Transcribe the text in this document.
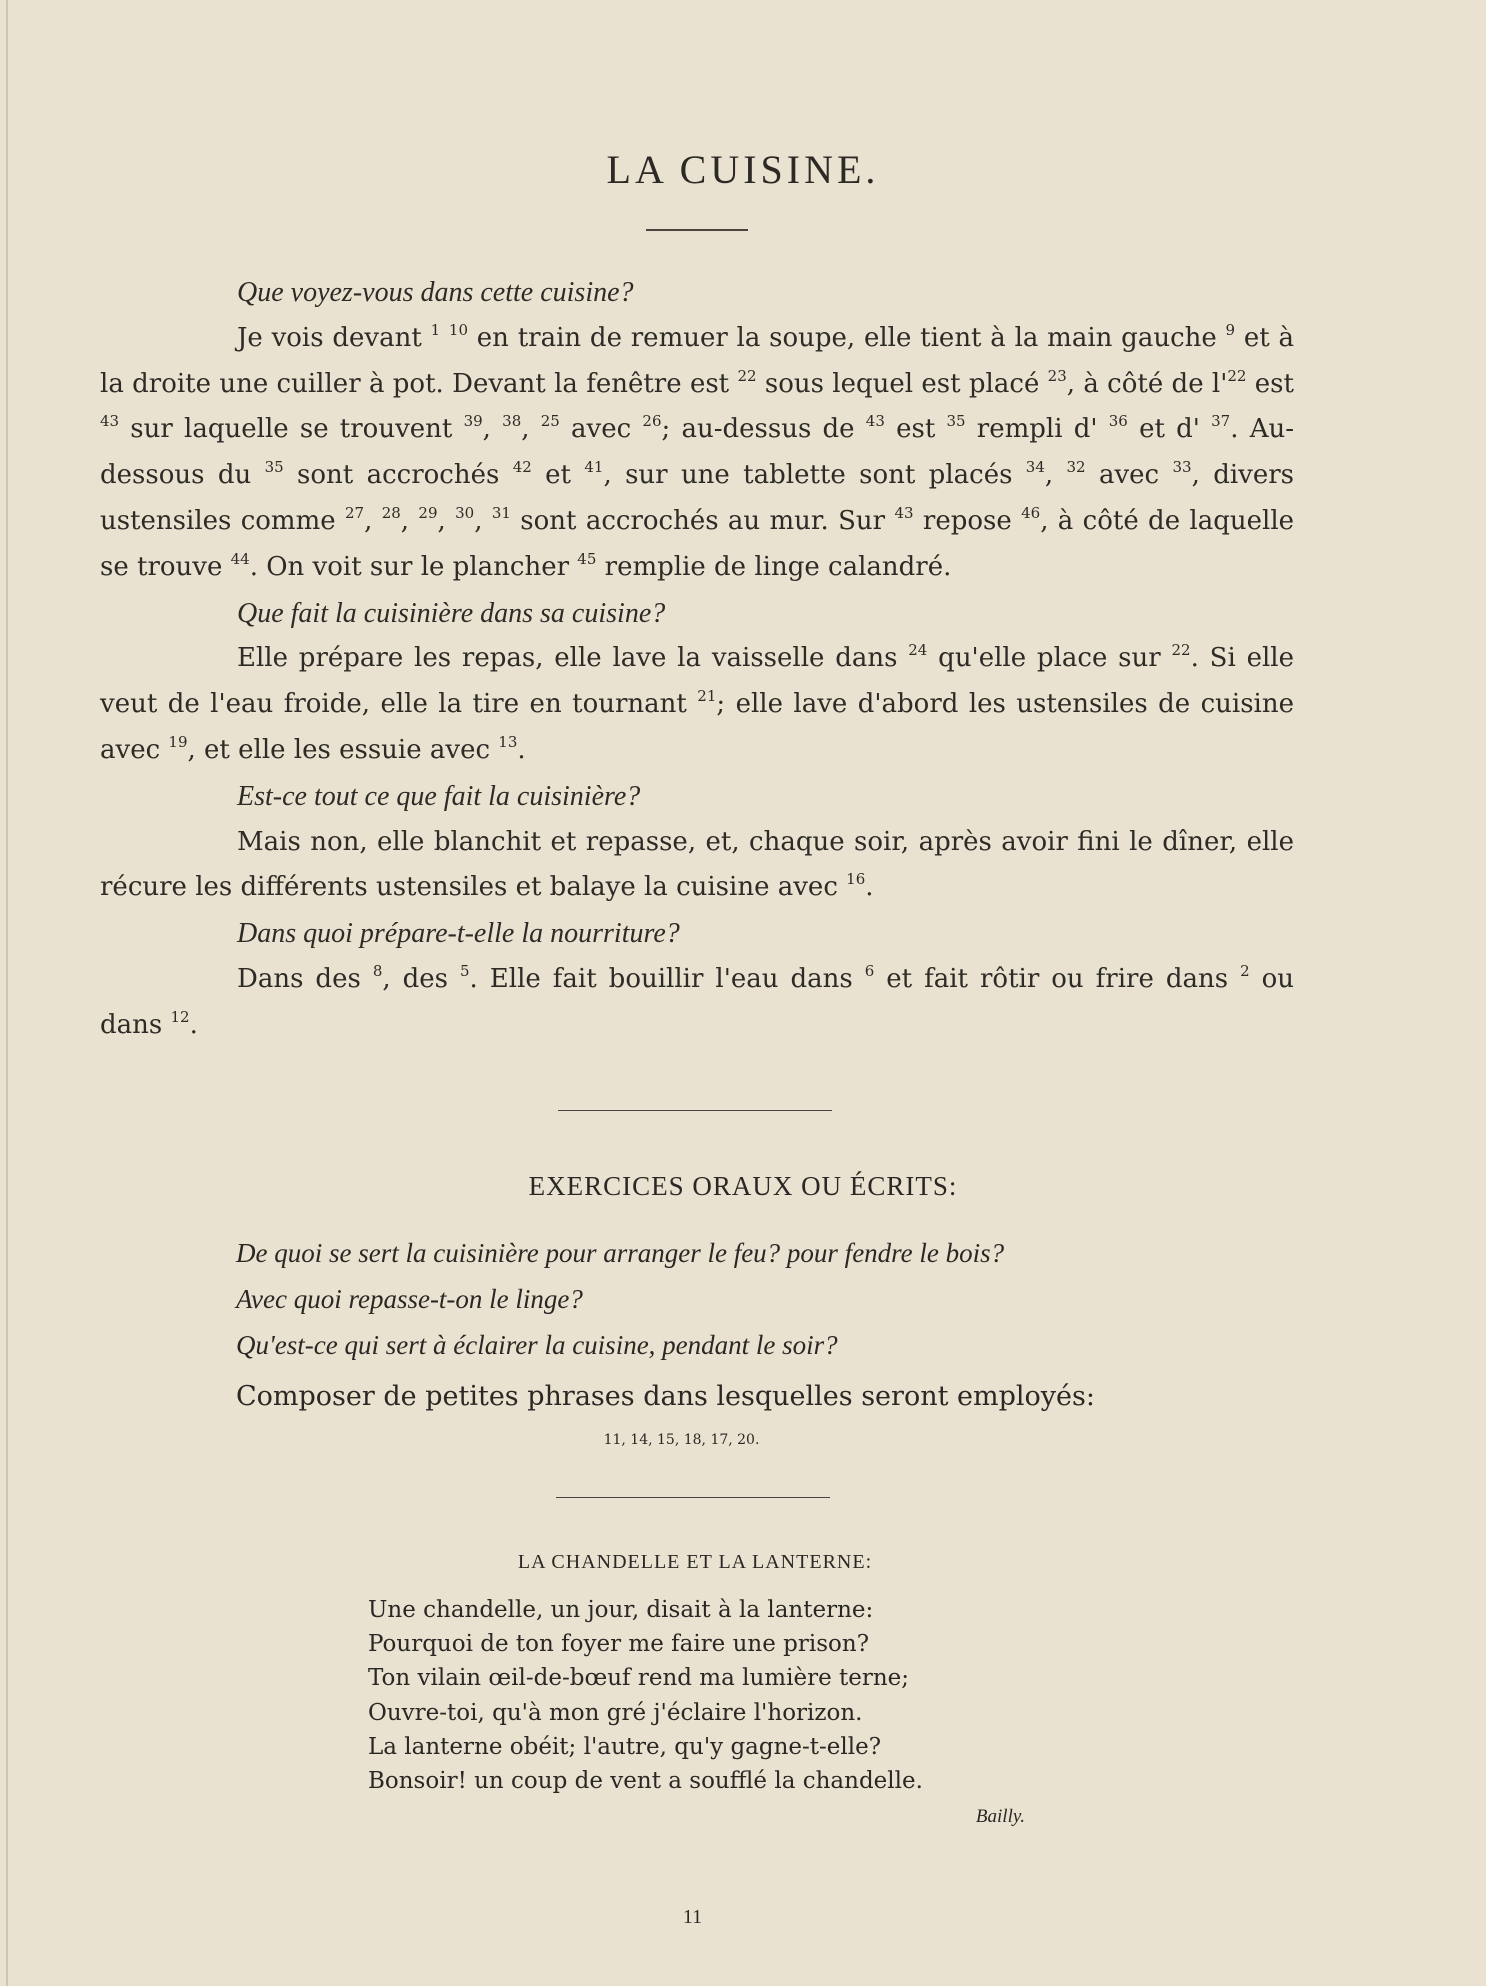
LA CUISINE.

Que voyez-vous dans cette cuisine?

Je vois devant $^1$ $^{10}$ en train de remuer la soupe, elle tient à la main gauche $^9$ et à la droite une cuiller à pot. Devant la fenêtre est $^{22}$ sous lequel est placé $^{23}$, à côté de $l'^{22}$ est $^{43}$ sur laquelle se trouvent $^{39}$, $^{38}$, $^{25}$ avec $^{26}$; au-dessus de $^{43}$ est $^{35}$ rempli d' $^{36}$ et d' $^{37}$. Au-dessous du $^{35}$ sont accrochés $^{42}$ et $^{41}$, sur une tablette sont placés $^{34}$, $^{32}$ avec $^{33}$, divers ustensiles comme $^{27}$, $^{28}$, $^{29}$, $^{30}$, $^{31}$ sont accrochés au mur. Sur $^{43}$ repose $^{46}$, à côté de laquelle se trouve $^{44}$. On voit sur le plancher $^{45}$ remplie de linge calandré.

Que fait la cuisinière dans sa cuisine?

Elle prépare les repas, elle lave la vaisselle dans $^{24}$ qu'elle place sur $^{22}$. Si elle veut de l'eau froide, elle la tire en tournant $^{21}$; elle lave d'abord les ustensiles de cuisine avec $^{19}$, et elle les essuie avec $^{13}$.

Est-ce tout ce que fait la cuisinière?

Mais non, elle blanchit et repasse, et, chaque soir, après avoir fini le dîner, elle récure les différents ustensiles et balaye la cuisine avec $^{16}$.

Dans quoi prépare-t-elle la nourriture?

Dans des $^8$, des $^5$. Elle fait bouillir l'eau dans $^6$ et fait rôtir ou frire dans $^2$ ou dans $^{12}$.

EXERCICES ORAUX OU ÉCRITS:
De quoi se sert la cuisinière pour arranger le feu? pour fendre le bois?
Avec quoi repasse-t-on le linge?
Qu'est-ce qui sert à éclairer la cuisine, pendant le soir?
Composer de petites phrases dans lesquelles seront employés:
11, 14, 15, 18, 17, 20.
LA CHANDELLE ET LA LANTERNE:
Une chandelle, un jour, disait à la lanterne:
Pourquoi de ton foyer me faire une prison?
Ton vilain œil-de-bœuf rend ma lumière terne;
Ouvre-toi, qu'à mon gré j'éclaire l'horizon.
La lanterne obéit; l'autre, qu'y gagne-t-elle?
Bonsoir! un coup de vent a soufflé la chandelle.
Bailly.
11
